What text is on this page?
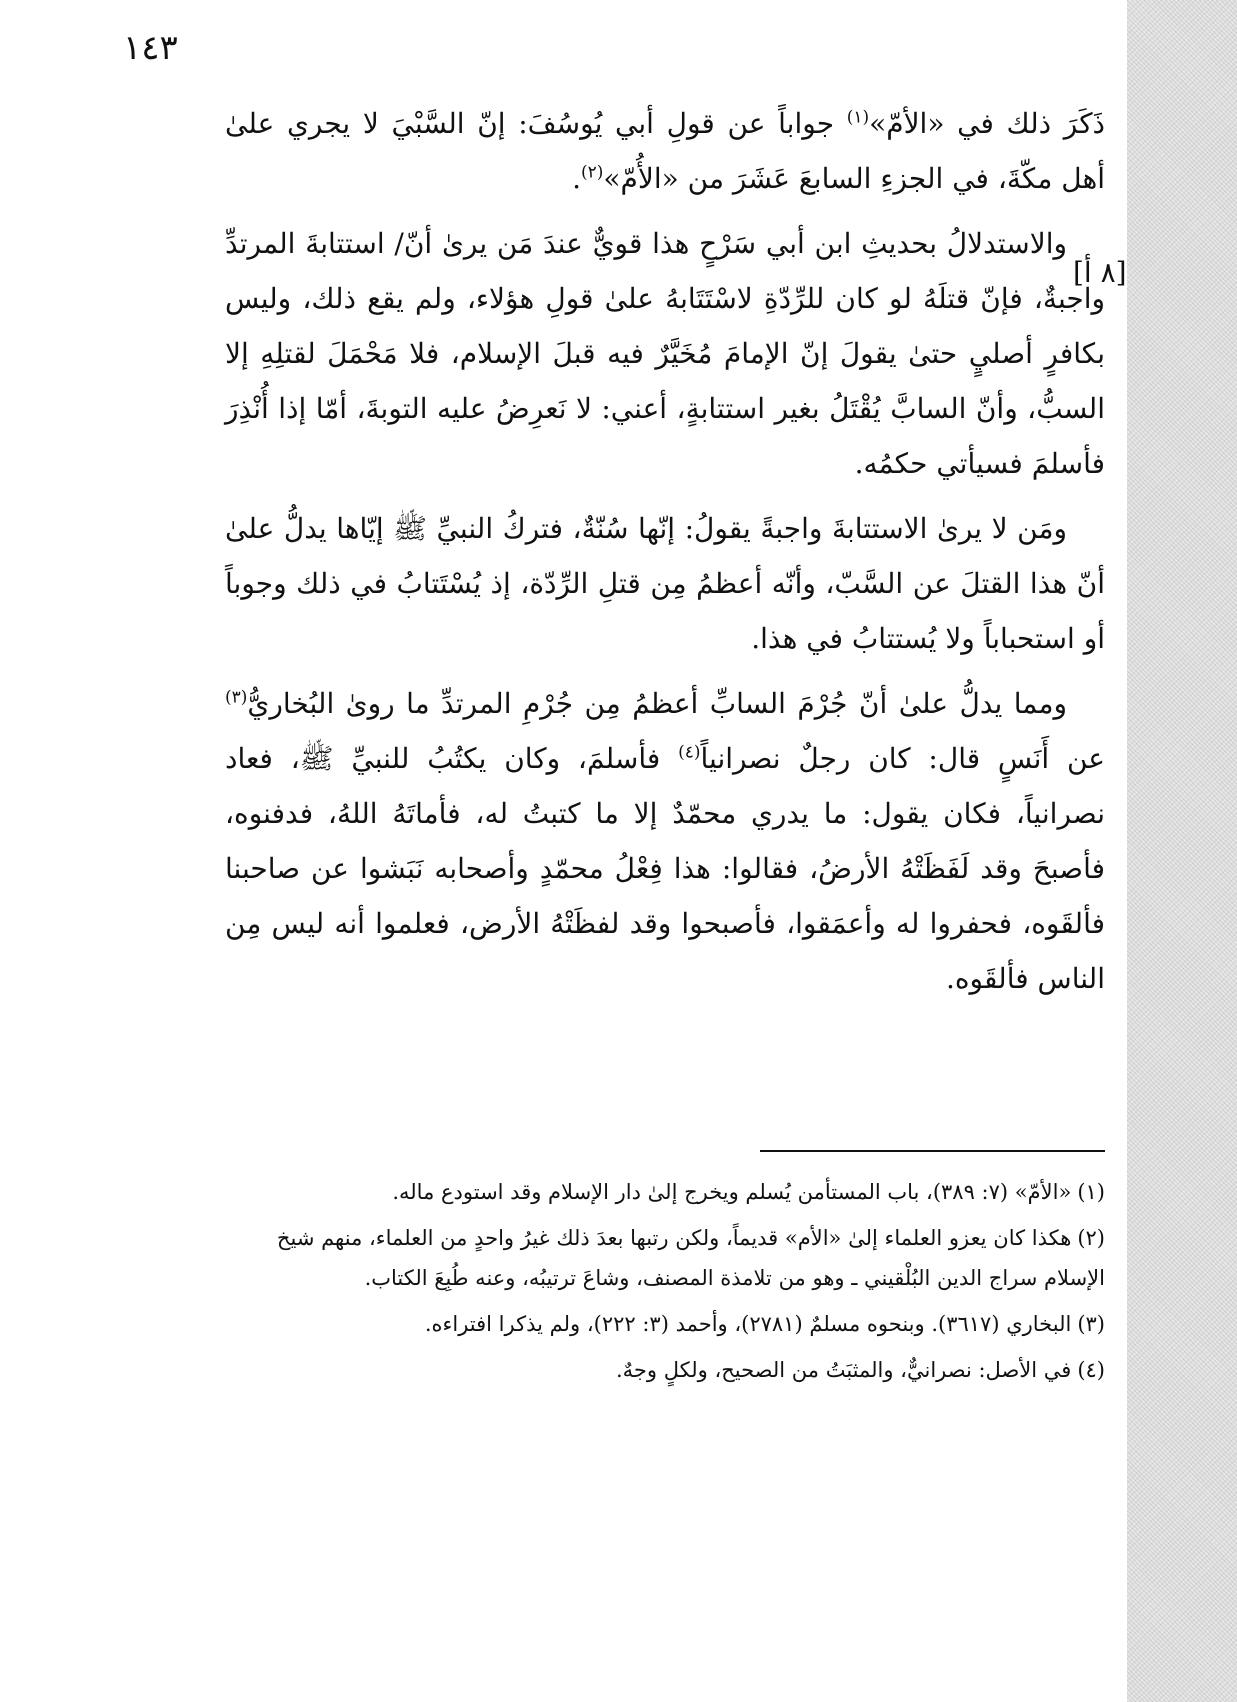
١٤٣
[٨ أ]

ذَكَرَ ذلك في «الأمّ»$^{(١)}$ جواباً عن قولِ أبي يُوسُفَ: إنّ السَّبْيَ لا يجري علىٰ أهل مكّةَ، في الجزءِ السابعَ عَشَرَ من «الأُمّ»$^{(٢)}$.

والاستدلالُ بحديثِ ابن أبي سَرْحٍ هذا قويٌّ عندَ مَن يرىٰ أنّ/ استتابةَ المرتدِّ واجبةٌ، فإنّ قتلَهُ لو كان للرِّدّةِ لاسْتَتَابهُ علىٰ قولِ هؤلاء، ولم يقع ذلك، وليس بكافرٍ أصليٍ حتىٰ يقولَ إنّ الإمامَ مُخَيَّرٌ فيه قبلَ الإسلام، فلا مَحْمَلَ لقتلِهِ إلا السبُّ، وأنّ السابَّ يُقْتَلُ بغير استتابةٍ، أعني: لا نَعرِضُ عليه التوبةَ، أمّا إذا أُنْذِرَ فأسلمَ فسيأتي حكمُه.

ومَن لا يرىٰ الاستتابةَ واجبةً يقولُ: إنّها سُنّةٌ، فتركُ النبيِّ ﷺ إيّاها يدلُّ علىٰ أنّ هذا القتلَ عن السَّبّ، وأنّه أعظمُ مِن قتلِ الرِّدّة، إذ يُسْتَتابُ في ذلك وجوباً أو استحباباً ولا يُستتابُ في هذا.

ومما يدلُّ علىٰ أنّ جُرْمَ السابِّ أعظمُ مِن جُرْمِ المرتدِّ ما روىٰ البُخاريُّ$^{(٣)}$ عن أَنَسٍ قال: كان رجلٌ نصرانياً$^{(٤)}$ فأسلمَ، وكان يكتُبُ للنبيِّ ﷺ، فعاد نصرانياً، فكان يقول: ما يدري محمّدٌ إلا ما كتبتُ له، فأماتَهُ اللهُ، فدفنوه، فأصبحَ وقد لَفَظَتْهُ الأرضُ، فقالوا: هذا فِعْلُ محمّدٍ وأصحابه نَبَشوا عن صاحبنا فألقَوه، فحفروا له وأعمَقوا، فأصبحوا وقد لفظَتْهُ الأرض، فعلموا أنه ليس مِن الناس فألقَوه.

(١)«الأمّ» (٧: ٣٨٩)، باب المستأمن يُسلم ويخرج إلىٰ دار الإسلام وقد استودع ماله.
(٢)هكذا كان يعزو العلماء إلىٰ «الأم» قديماً، ولكن رتبها بعدَ ذلك غيرُ واحدٍ من العلماء، منهم شيخ الإسلام سراج الدين البُلْقيني ـ وهو من تلامذة المصنف، وشاعَ ترتيبُه، وعنه طُبِعَ الكتاب.
(٣)البخاري (٣٦١٧). وبنحوه مسلمٌ (٢٧٨١)، وأحمد (٣: ٢٢٢)، ولم يذكرا افتراءه.
(٤)في الأصل: نصرانيٌّ، والمثبَتُ من الصحيح، ولكلٍ وجهٌ.
